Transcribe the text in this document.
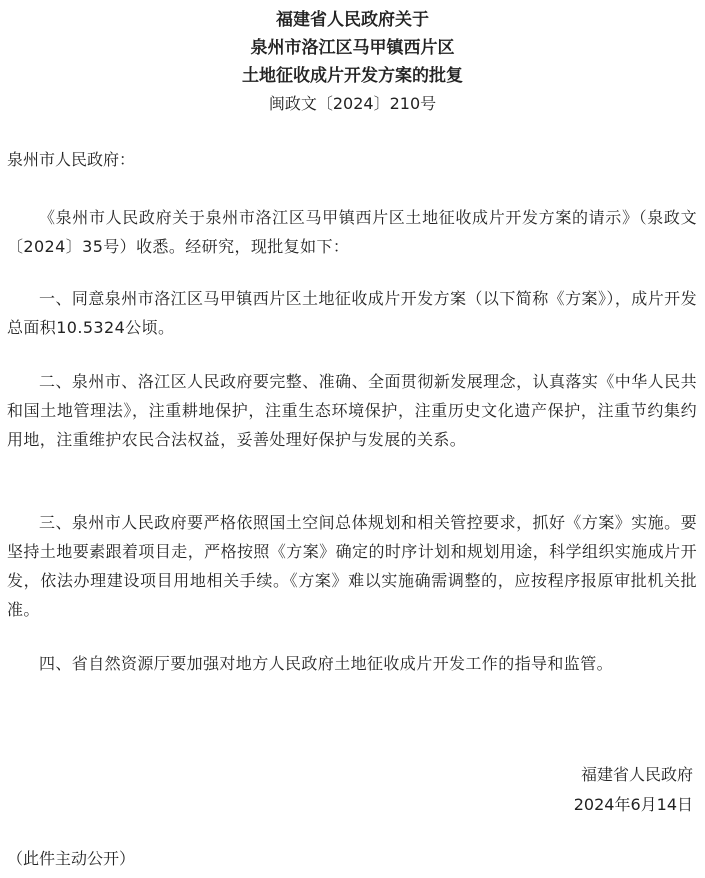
福建省人民政府关于
泉州市洛江区马甲镇西片区
土地征收成片开发方案的批复
闽政文〔2024〕210号
泉州市人民政府：

《泉州市人民政府关于泉州市洛江区马甲镇西片区土地征收成片开发方案的请示》（泉政文〔2024〕35号）收悉。经研究，现批复如下：

一、同意泉州市洛江区马甲镇西片区土地征收成片开发方案（以下简称《方案》），成片开发总面积10.5324公顷。

二、泉州市、洛江区人民政府要完整、准确、全面贯彻新发展理念，认真落实《中华人民共和国土地管理法》，注重耕地保护，注重生态环境保护，注重历史文化遗产保护，注重节约集约用地，注重维护农民合法权益，妥善处理好保护与发展的关系。

三、泉州市人民政府要严格依照国土空间总体规划和相关管控要求，抓好《方案》实施。要坚持土地要素跟着项目走，严格按照《方案》确定的时序计划和规划用途，科学组织实施成片开发，依法办理建设项目用地相关手续。《方案》难以实施确需调整的，应按程序报原审批机关批准。

四、省自然资源厅要加强对地方人民政府土地征收成片开发工作的指导和监管。

福建省人民政府
2024年6月14日
（此件主动公开）
